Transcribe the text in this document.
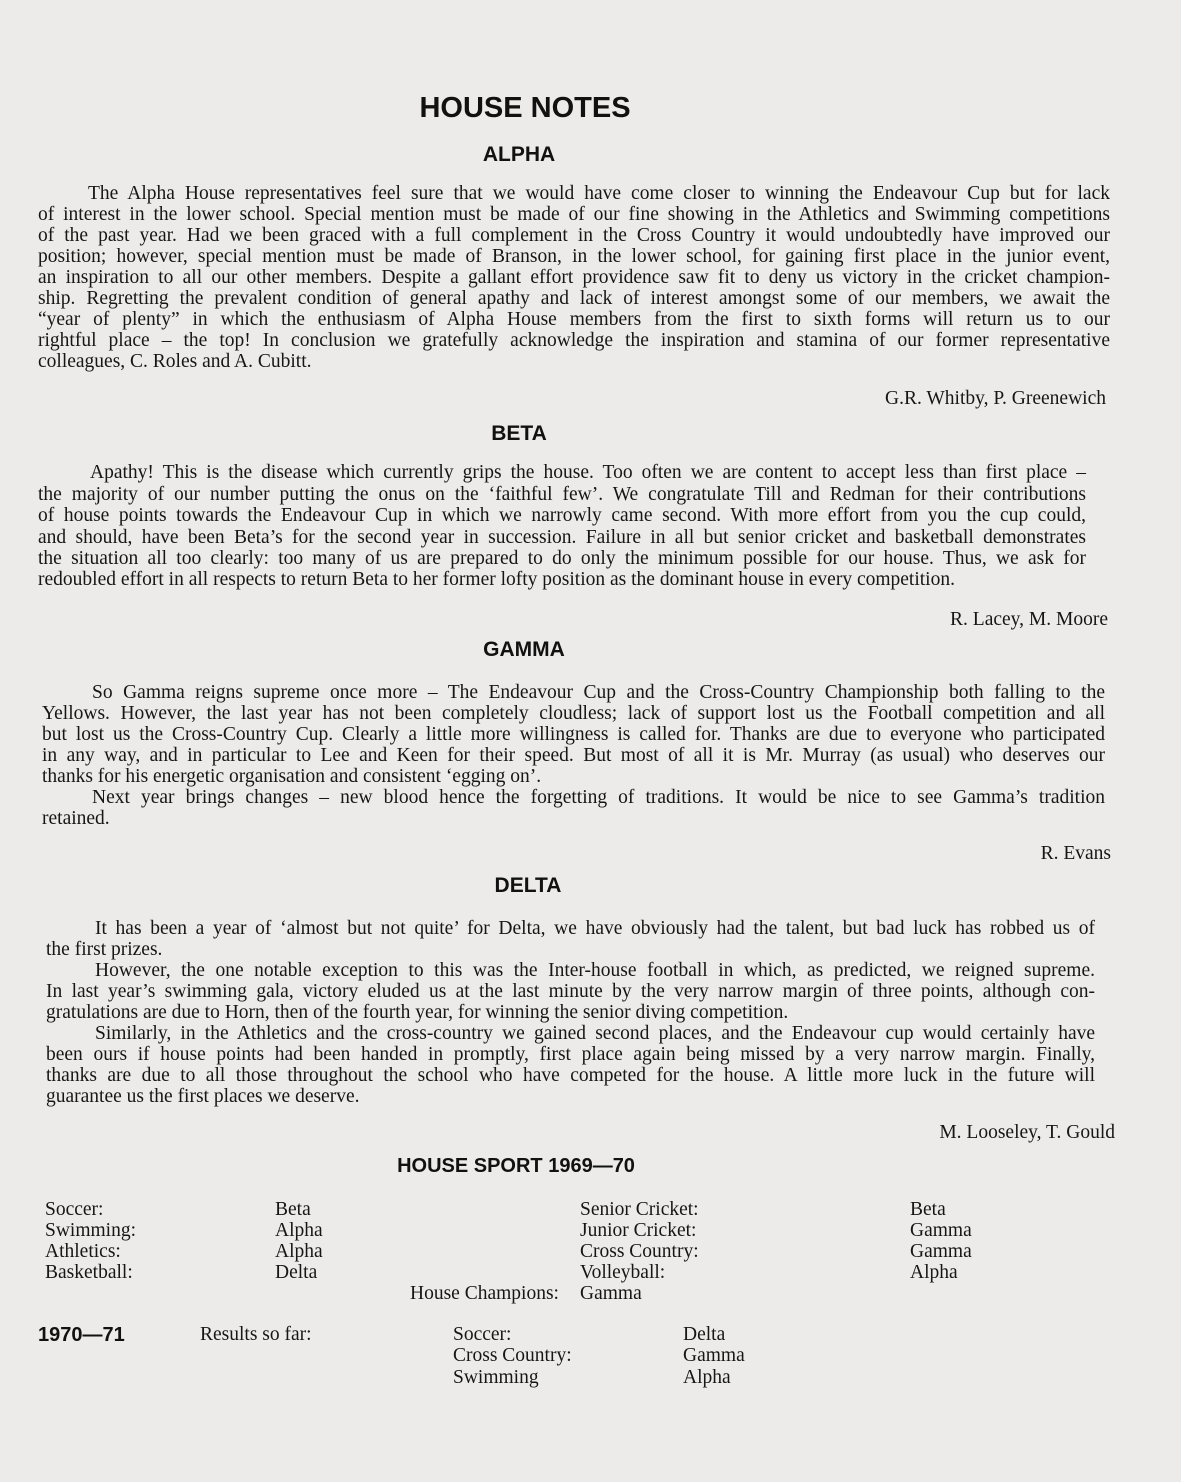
HOUSE NOTES
ALPHA
The Alpha House representatives feel sure that we would have come closer to winning the Endeavour Cup but for lack
of interest in the lower school. Special mention must be made of our fine showing in the Athletics and Swimming competitions
of the past year. Had we been graced with a full complement in the Cross Country it would undoubtedly have improved our
position; however, special mention must be made of Branson, in the lower school, for gaining first place in the junior event,
an inspiration to all our other members. Despite a gallant effort providence saw fit to deny us victory in the cricket champion-
ship. Regretting the prevalent condition of general apathy and lack of interest amongst some of our members, we await the
“year of plenty” in which the enthusiasm of Alpha House members from the first to sixth forms will return us to our
rightful place – the top! In conclusion we gratefully acknowledge the inspiration and stamina of our former representative
colleagues, C. Roles and A. Cubitt.
G.R. Whitby, P. Greenewich
BETA
Apathy! This is the disease which currently grips the house. Too often we are content to accept less than first place –
the majority of our number putting the onus on the ‘faithful few’. We congratulate Till and Redman for their contributions
of house points towards the Endeavour Cup in which we narrowly came second. With more effort from you the cup could,
and should, have been Beta’s for the second year in succession. Failure in all but senior cricket and basketball demonstrates
the situation all too clearly: too many of us are prepared to do only the minimum possible for our house. Thus, we ask for
redoubled effort in all respects to return Beta to her former lofty position as the dominant house in every competition.
R. Lacey, M. Moore
GAMMA
So Gamma reigns supreme once more – The Endeavour Cup and the Cross-Country Championship both falling to the
Yellows. However, the last year has not been completely cloudless; lack of support lost us the Football competition and all
but lost us the Cross-Country Cup. Clearly a little more willingness is called for. Thanks are due to everyone who participated
in any way, and in particular to Lee and Keen for their speed. But most of all it is Mr. Murray (as usual) who deserves our
thanks for his energetic organisation and consistent ‘egging on’.
Next year brings changes – new blood hence the forgetting of traditions. It would be nice to see Gamma’s tradition
retained.
R. Evans
DELTA
It has been a year of ‘almost but not quite’ for Delta, we have obviously had the talent, but bad luck has robbed us of
the first prizes.
However, the one notable exception to this was the Inter-house football in which, as predicted, we reigned supreme.
In last year’s swimming gala, victory eluded us at the last minute by the very narrow margin of three points, although con-
gratulations are due to Horn, then of the fourth year, for winning the senior diving competition.
Similarly, in the Athletics and the cross-country we gained second places, and the Endeavour cup would certainly have
been ours if house points had been handed in promptly, first place again being missed by a very narrow margin. Finally,
thanks are due to all those throughout the school who have competed for the house. A little more luck in the future will
guarantee us the first places we deserve.
M. Looseley, T. Gould
HOUSE SPORT 1969—70
Soccer:	Beta	Senior Cricket:	Beta
Swimming:	Alpha	Junior Cricket:	Gamma
Athletics:	Alpha	Cross Country:	Gamma
Basketball:	Delta	Volleyball:	Alpha
House Champions: Gamma
1970—71	Results so far:	Soccer:	Delta
Cross Country:	Gamma
Swimming	Alpha
